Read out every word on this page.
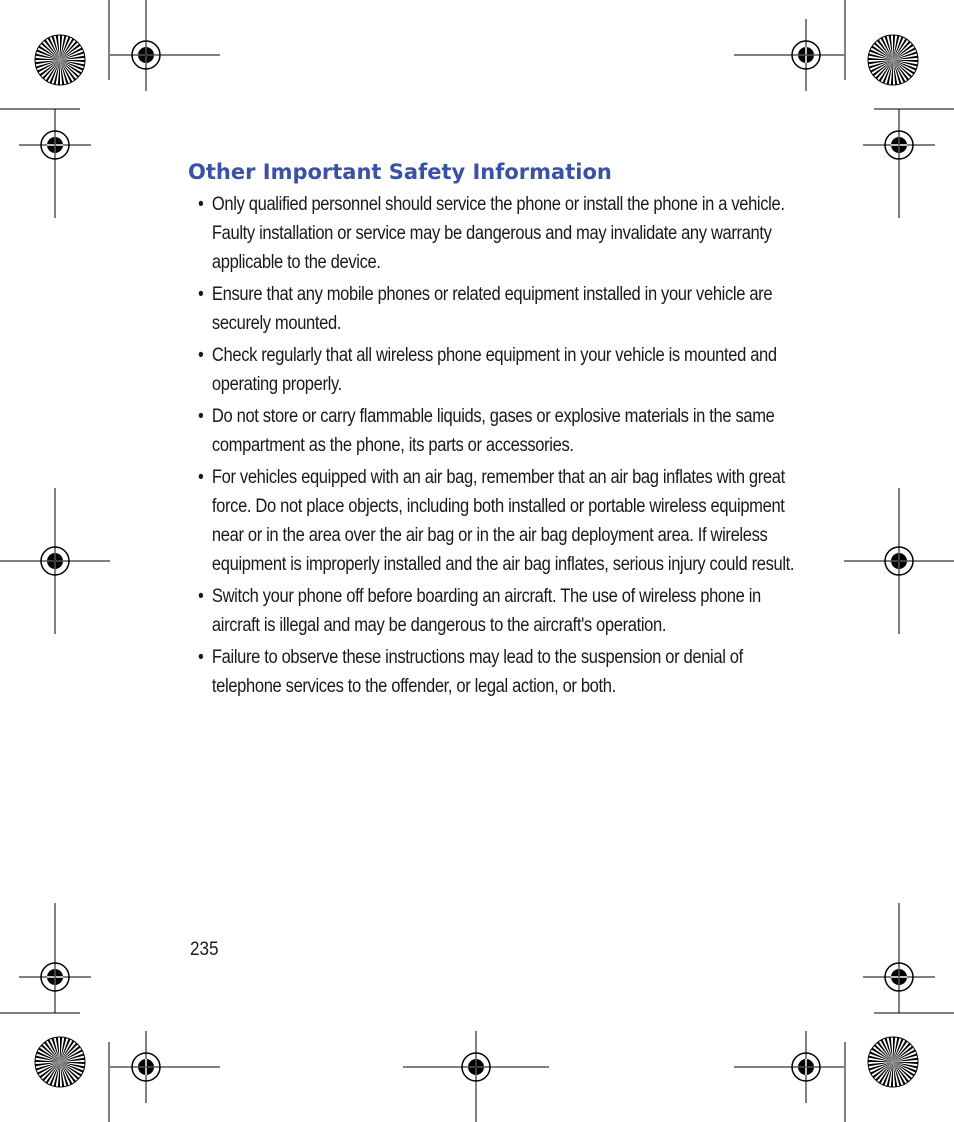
Other Important Safety Information
• Only qualified personnel should service the phone or install the phone in a vehicle. Faulty installation or service may be dangerous and may invalidate any warranty applicable to the device.
• Ensure that any mobile phones or related equipment installed in your vehicle are securely mounted.
• Check regularly that all wireless phone equipment in your vehicle is mounted and operating properly.
• Do not store or carry flammable liquids, gases or explosive materials in the same compartment as the phone, its parts or accessories.
• For vehicles equipped with an air bag, remember that an air bag inflates with great force. Do not place objects, including both installed or portable wireless equipment near or in the area over the air bag or in the air bag deployment area. If wireless equipment is improperly installed and the air bag inflates, serious injury could result.
• Switch your phone off before boarding an aircraft. The use of wireless phone in aircraft is illegal and may be dangerous to the aircraft's operation.
• Failure to observe these instructions may lead to the suspension or denial of telephone services to the offender, or legal action, or both.
235
